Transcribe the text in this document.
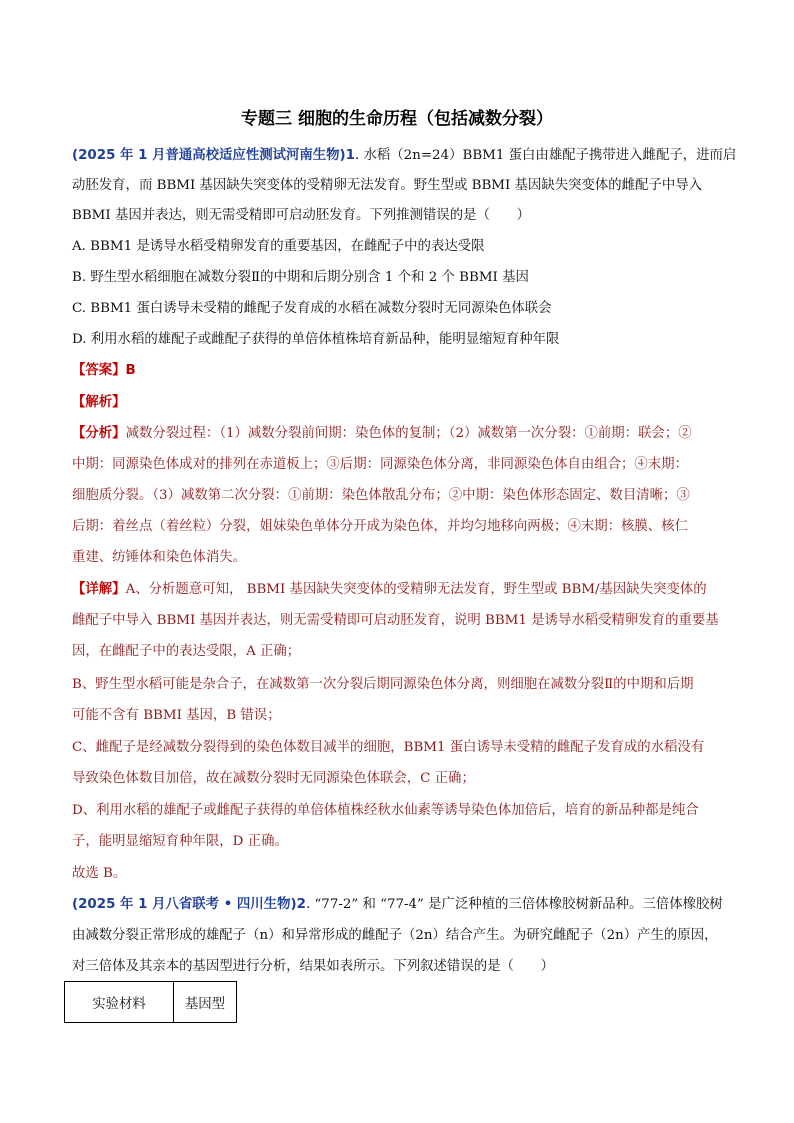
专题三 细胞的生命历程（包括减数分裂）
(2025 年 1 月普通高校适应性测试河南生物)1. 水稻（2n=24）BBM1 蛋白由雄配子携带进入雌配子，进而启
动胚发育，而 BBMI 基因缺失突变体的受精卵无法发育。野生型或 BBMI 基因缺失突变体的雌配子中导入
BBMI 基因并表达，则无需受精即可启动胚发育。下列推测错误的是（　　）
A. BBM1 是诱导水稻受精卵发育的重要基因，在雌配子中的表达受限
B. 野生型水稻细胞在减数分裂Ⅱ的中期和后期分别含 1 个和 2 个 BBMI 基因
C. BBM1 蛋白诱导未受精的雌配子发育成的水稻在减数分裂时无同源染色体联会
D. 利用水稻的雄配子或雌配子获得的单倍体植株培育新品种，能明显缩短育种年限
【答案】B
【解析】
【分析】减数分裂过程：（1）减数分裂前间期：染色体的复制；（2）减数第一次分裂：①前期：联会；②
中期：同源染色体成对的排列在赤道板上；③后期：同源染色体分离，非同源染色体自由组合；④末期：
细胞质分裂。（3）减数第二次分裂：①前期：染色体散乱分布；②中期：染色体形态固定、数目清晰；③
后期：着丝点（着丝粒）分裂，姐妹染色单体分开成为染色体，并均匀地移向两极；④末期：核膜、核仁
重建、纺锤体和染色体消失。
【详解】A、分析题意可知， BBMI 基因缺失突变体的受精卵无法发育，野生型或 BBM/基因缺失突变体的
雌配子中导入 BBMI 基因并表达，则无需受精即可启动胚发育，说明 BBM1 是诱导水稻受精卵发育的重要基
因，在雌配子中的表达受限，A 正确；
B、野生型水稻可能是杂合子，在减数第一次分裂后期同源染色体分离，则细胞在减数分裂Ⅱ的中期和后期
可能不含有 BBMI 基因，B 错误；
C、雌配子是经减数分裂得到的染色体数目减半的细胞，BBM1 蛋白诱导未受精的雌配子发育成的水稻没有
导致染色体数目加倍，故在减数分裂时无同源染色体联会，C 正确；
D、利用水稻的雄配子或雌配子获得的单倍体植株经秋水仙素等诱导染色体加倍后，培育的新品种都是纯合
子，能明显缩短育种年限，D 正确。
故选 B。
(2025 年 1 月八省联考 • 四川生物)2. “77-2” 和 “77-4” 是广泛种植的三倍体橡胶树新品种。三倍体橡胶树
由减数分裂正常形成的雄配子（n）和异常形成的雌配子（2n）结合产生。为研究雌配子（2n）产生的原因，
对三倍体及其亲本的基因型进行分析，结果如表所示。下列叙述错误的是（　　）
实验材料	基因型
